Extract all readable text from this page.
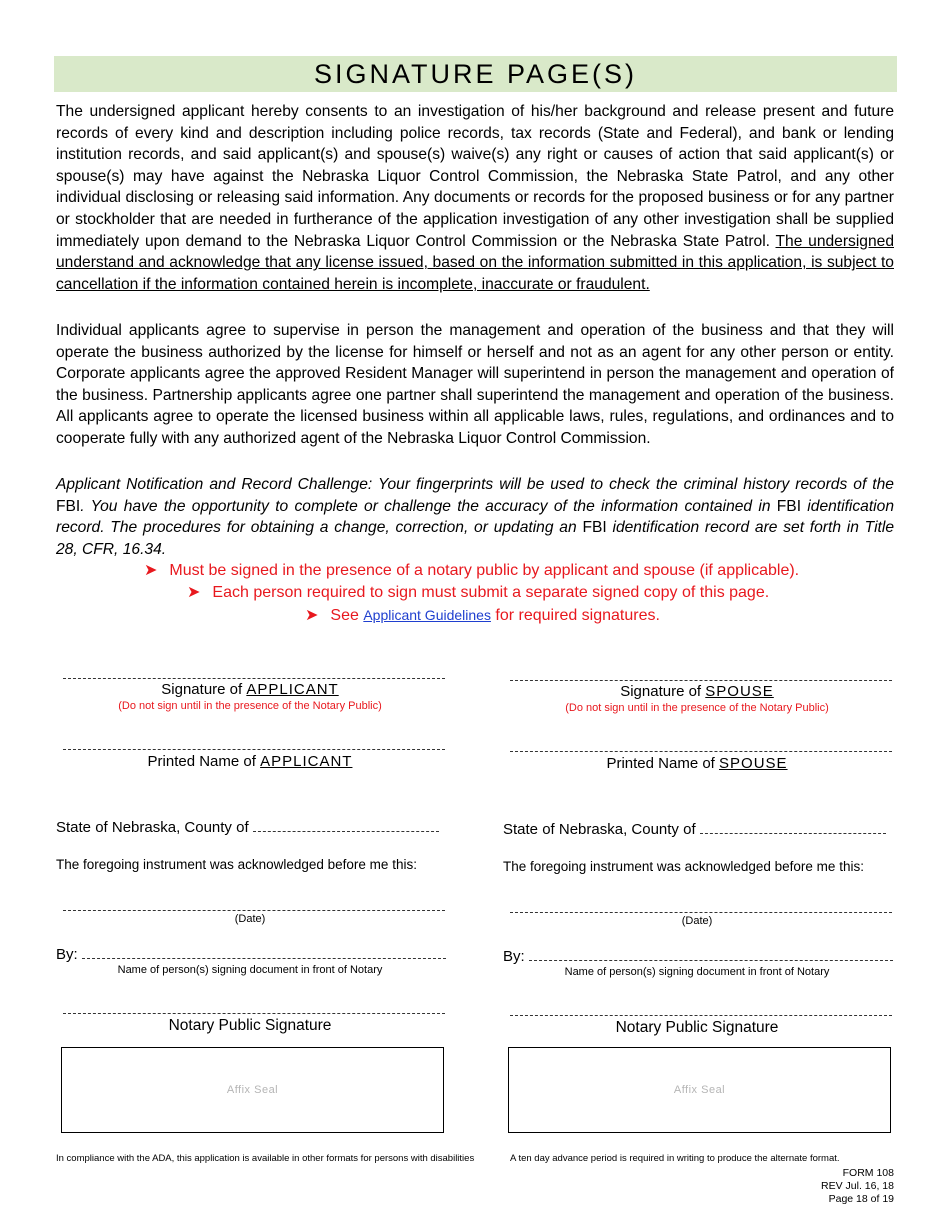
SIGNATURE PAGE(S)
The undersigned applicant hereby consents to an investigation of his/her background and release present and future records of every kind and description including police records, tax records (State and Federal), and bank or lending institution records, and said applicant(s) and spouse(s) waive(s) any right or causes of action that said applicant(s) or spouse(s) may have against the Nebraska Liquor Control Commission, the Nebraska State Patrol, and any other individual disclosing or releasing said information. Any documents or records for the proposed business or for any partner or stockholder that are needed in furtherance of the application investigation of any other investigation shall be supplied immediately upon demand to the Nebraska Liquor Control Commission or the Nebraska State Patrol. The undersigned understand and acknowledge that any license issued, based on the information submitted in this application, is subject to cancellation if the information contained herein is incomplete, inaccurate or fraudulent.
Individual applicants agree to supervise in person the management and operation of the business and that they will operate the business authorized by the license for himself or herself and not as an agent for any other person or entity. Corporate applicants agree the approved Resident Manager will superintend in person the management and operation of the business. Partnership applicants agree one partner shall superintend the management and operation of the business. All applicants agree to operate the licensed business within all applicable laws, rules, regulations, and ordinances and to cooperate fully with any authorized agent of the Nebraska Liquor Control Commission.
Applicant Notification and Record Challenge: Your fingerprints will be used to check the criminal history records of the FBI. You have the opportunity to complete or challenge the accuracy of the information contained in FBI identification record. The procedures for obtaining a change, correction, or updating an FBI identification record are set forth in Title 28, CFR, 16.34.
➤ Must be signed in the presence of a notary public by applicant and spouse (if applicable).
➤ Each person required to sign must submit a separate signed copy of this page.
➤ See Applicant Guidelines for required signatures.
Signature of APPLICANT
(Do not sign until in the presence of the Notary Public)
Printed Name of APPLICANT
State of Nebraska, County of
The foregoing instrument was acknowledged before me this:
(Date)
By:
Name of person(s) signing document in front of Notary
Notary Public Signature
Affix Seal
Signature of SPOUSE
(Do not sign until in the presence of the Notary Public)
Printed Name of SPOUSE
State of Nebraska, County of
The foregoing instrument was acknowledged before me this:
(Date)
By:
Name of person(s) signing document in front of Notary
Notary Public Signature
Affix Seal
In compliance with the ADA, this application is available in other formats for persons with disabilities	A ten day advance period is required in writing to produce the alternate format.
FORM 108
REV Jul. 16, 18
Page 18 of 19
